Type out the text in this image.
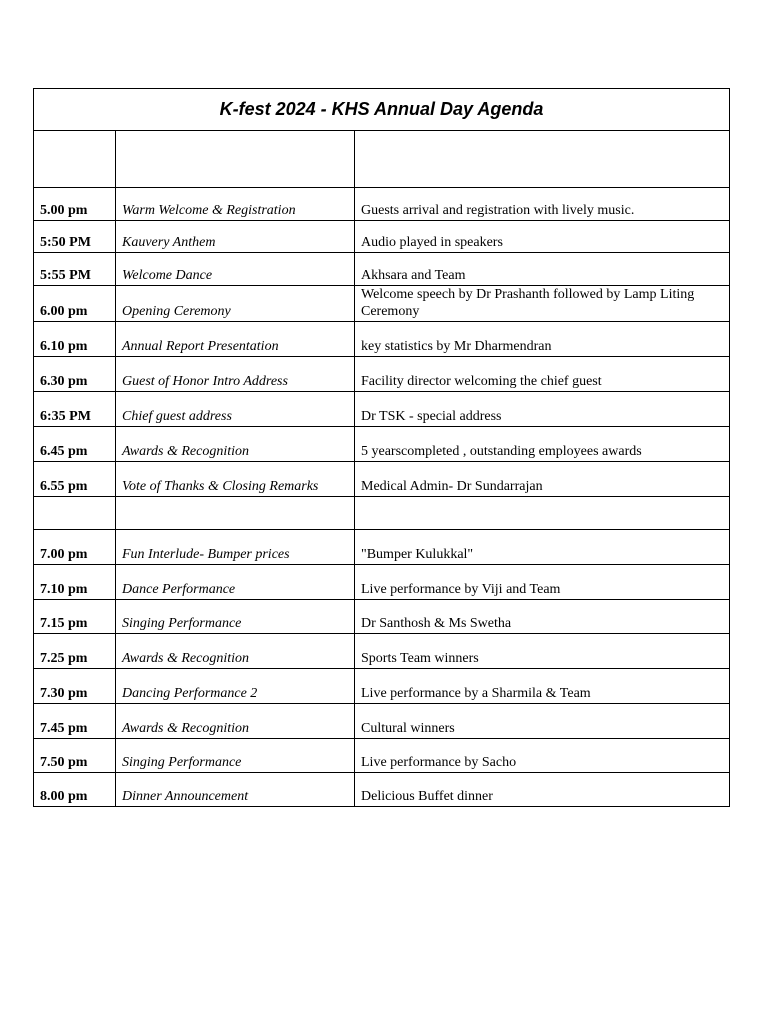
K-fest 2024 - KHS Annual Day Agenda		

5.00 pm	Warm Welcome & Registration	Guests arrival and registration with lively music.
5:50 PM	Kauvery Anthem	Audio played in speakers
5:55 PM	Welcome Dance	Akhsara and Team
6.00 pm	Opening Ceremony	Welcome speech by Dr Prashanth followed by Lamp Liting Ceremony
6.10 pm	Annual Report Presentation	key statistics by Mr Dharmendran
6.30 pm	Guest of Honor Intro Address	Facility director welcoming the chief guest
6:35 PM	Chief guest address	Dr TSK - special address
6.45 pm	Awards & Recognition	5 yearscompleted , outstanding employees awards
6.55 pm	Vote of Thanks & Closing Remarks	Medical Admin- Dr Sundarrajan

7.00 pm	Fun Interlude- Bumper prices	"Bumper Kulukkal"
7.10 pm	Dance Performance	Live performance by Viji and Team
7.15 pm	Singing Performance	Dr Santhosh & Ms Swetha
7.25 pm	Awards & Recognition	Sports Team winners
7.30 pm	Dancing Performance 2	Live performance by a Sharmila & Team
7.45 pm	Awards & Recognition	Cultural winners
7.50 pm	Singing Performance	Live performance by Sacho
8.00 pm	Dinner Announcement	Delicious Buffet dinner
